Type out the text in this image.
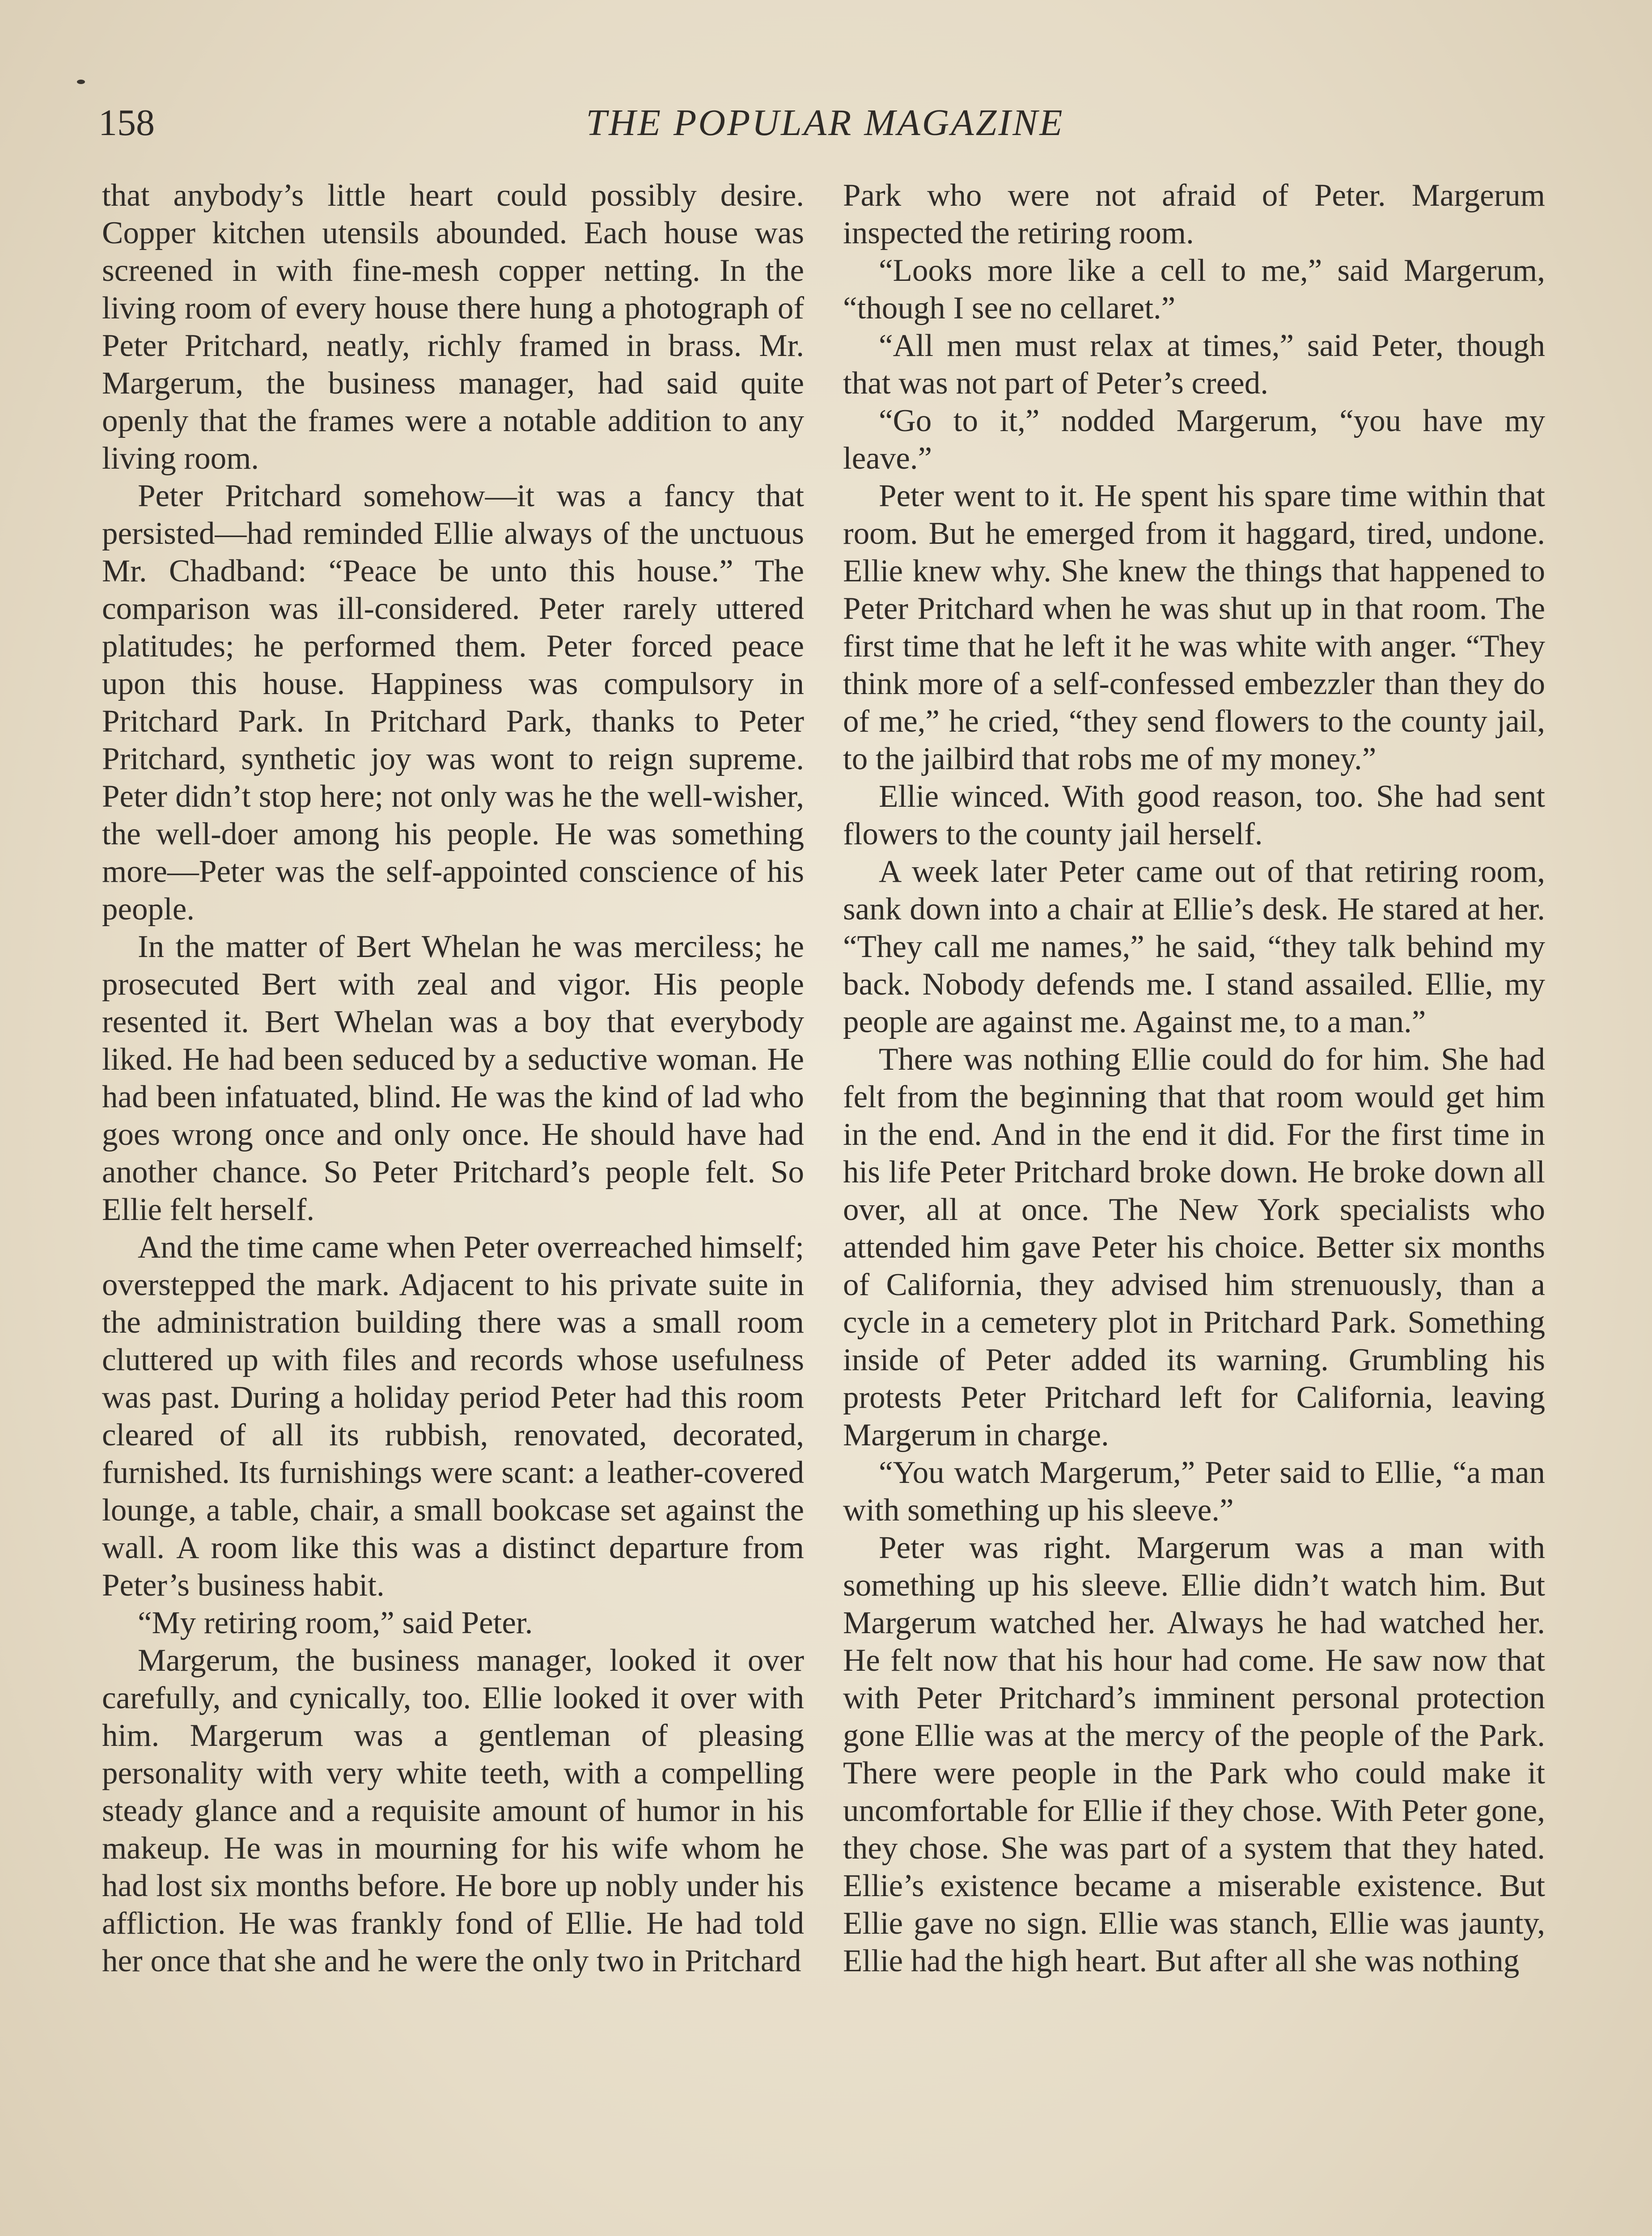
158	THE POPULAR MAGAZINE

that anybody’s little heart could possibly desire. Copper kitchen utensils abounded. Each house was screened in with fine-mesh copper netting. In the living room of every house there hung a photograph of Peter Pritchard, neatly, richly framed in brass. Mr. Margerum, the business manager, had said quite openly that the frames were a notable addition to any living room.

Peter Pritchard somehow—it was a fancy that persisted—had reminded Ellie always of the unctuous Mr. Chadband: “Peace be unto this house.” The comparison was ill-considered. Peter rarely uttered platitudes; he performed them. Peter forced peace upon this house. Happiness was compulsory in Pritchard Park. In Pritchard Park, thanks to Peter Pritchard, synthetic joy was wont to reign supreme. Peter didn’t stop here; not only was he the well-wisher, the well-doer among his people. He was something more—Peter was the self-appointed conscience of his people.

In the matter of Bert Whelan he was merciless; he prosecuted Bert with zeal and vigor. His people resented it. Bert Whelan was a boy that everybody liked. He had been seduced by a seductive woman. He had been infatuated, blind. He was the kind of lad who goes wrong once and only once. He should have had another chance. So Peter Pritchard’s people felt. So Ellie felt herself.

And the time came when Peter overreached himself; overstepped the mark. Adjacent to his private suite in the administration building there was a small room cluttered up with files and records whose usefulness was past. During a holiday period Peter had this room cleared of all its rubbish, renovated, decorated, furnished. Its furnishings were scant: a leather-covered lounge, a table, chair, a small bookcase set against the wall. A room like this was a distinct departure from Peter’s business habit.

“My retiring room,” said Peter.

Margerum, the business manager, looked it over carefully, and cynically, too. Ellie looked it over with him. Margerum was a gentleman of pleasing personality with very white teeth, with a compelling steady glance and a requisite amount of humor in his makeup. He was in mourning for his wife whom he had lost six months before. He bore up nobly under his affliction. He was frankly fond of Ellie. He had told her once that she and he were the only two in Pritchard

Park who were not afraid of Peter. Margerum inspected the retiring room.

“Looks more like a cell to me,” said Margerum, “though I see no cellaret.”

“All men must relax at times,” said Peter, though that was not part of Peter’s creed.

“Go to it,” nodded Margerum, “you have my leave.”

Peter went to it. He spent his spare time within that room. But he emerged from it haggard, tired, undone. Ellie knew why. She knew the things that happened to Peter Pritchard when he was shut up in that room. The first time that he left it he was white with anger. “They think more of a self-confessed embezzler than they do of me,” he cried, “they send flowers to the county jail, to the jailbird that robs me of my money.”

Ellie winced. With good reason, too. She had sent flowers to the county jail herself.

A week later Peter came out of that retiring room, sank down into a chair at Ellie’s desk. He stared at her. “They call me names,” he said, “they talk behind my back. Nobody defends me. I stand assailed. Ellie, my people are against me. Against me, to a man.”

There was nothing Ellie could do for him. She had felt from the beginning that that room would get him in the end. And in the end it did. For the first time in his life Peter Pritchard broke down. He broke down all over, all at once. The New York specialists who attended him gave Peter his choice. Better six months of California, they advised him strenuously, than a cycle in a cemetery plot in Pritchard Park. Something inside of Peter added its warning. Grumbling his protests Peter Pritchard left for California, leaving Margerum in charge.

“You watch Margerum,” Peter said to Ellie, “a man with something up his sleeve.”

Peter was right. Margerum was a man with something up his sleeve. Ellie didn’t watch him. But Margerum watched her. Always he had watched her. He felt now that his hour had come. He saw now that with Peter Pritchard’s imminent personal protection gone Ellie was at the mercy of the people of the Park. There were people in the Park who could make it uncomfortable for Ellie if they chose. With Peter gone, they chose. She was part of a system that they hated. Ellie’s existence became a miserable existence. But Ellie gave no sign. Ellie was stanch, Ellie was jaunty, Ellie had the high heart. But after all she was nothing
